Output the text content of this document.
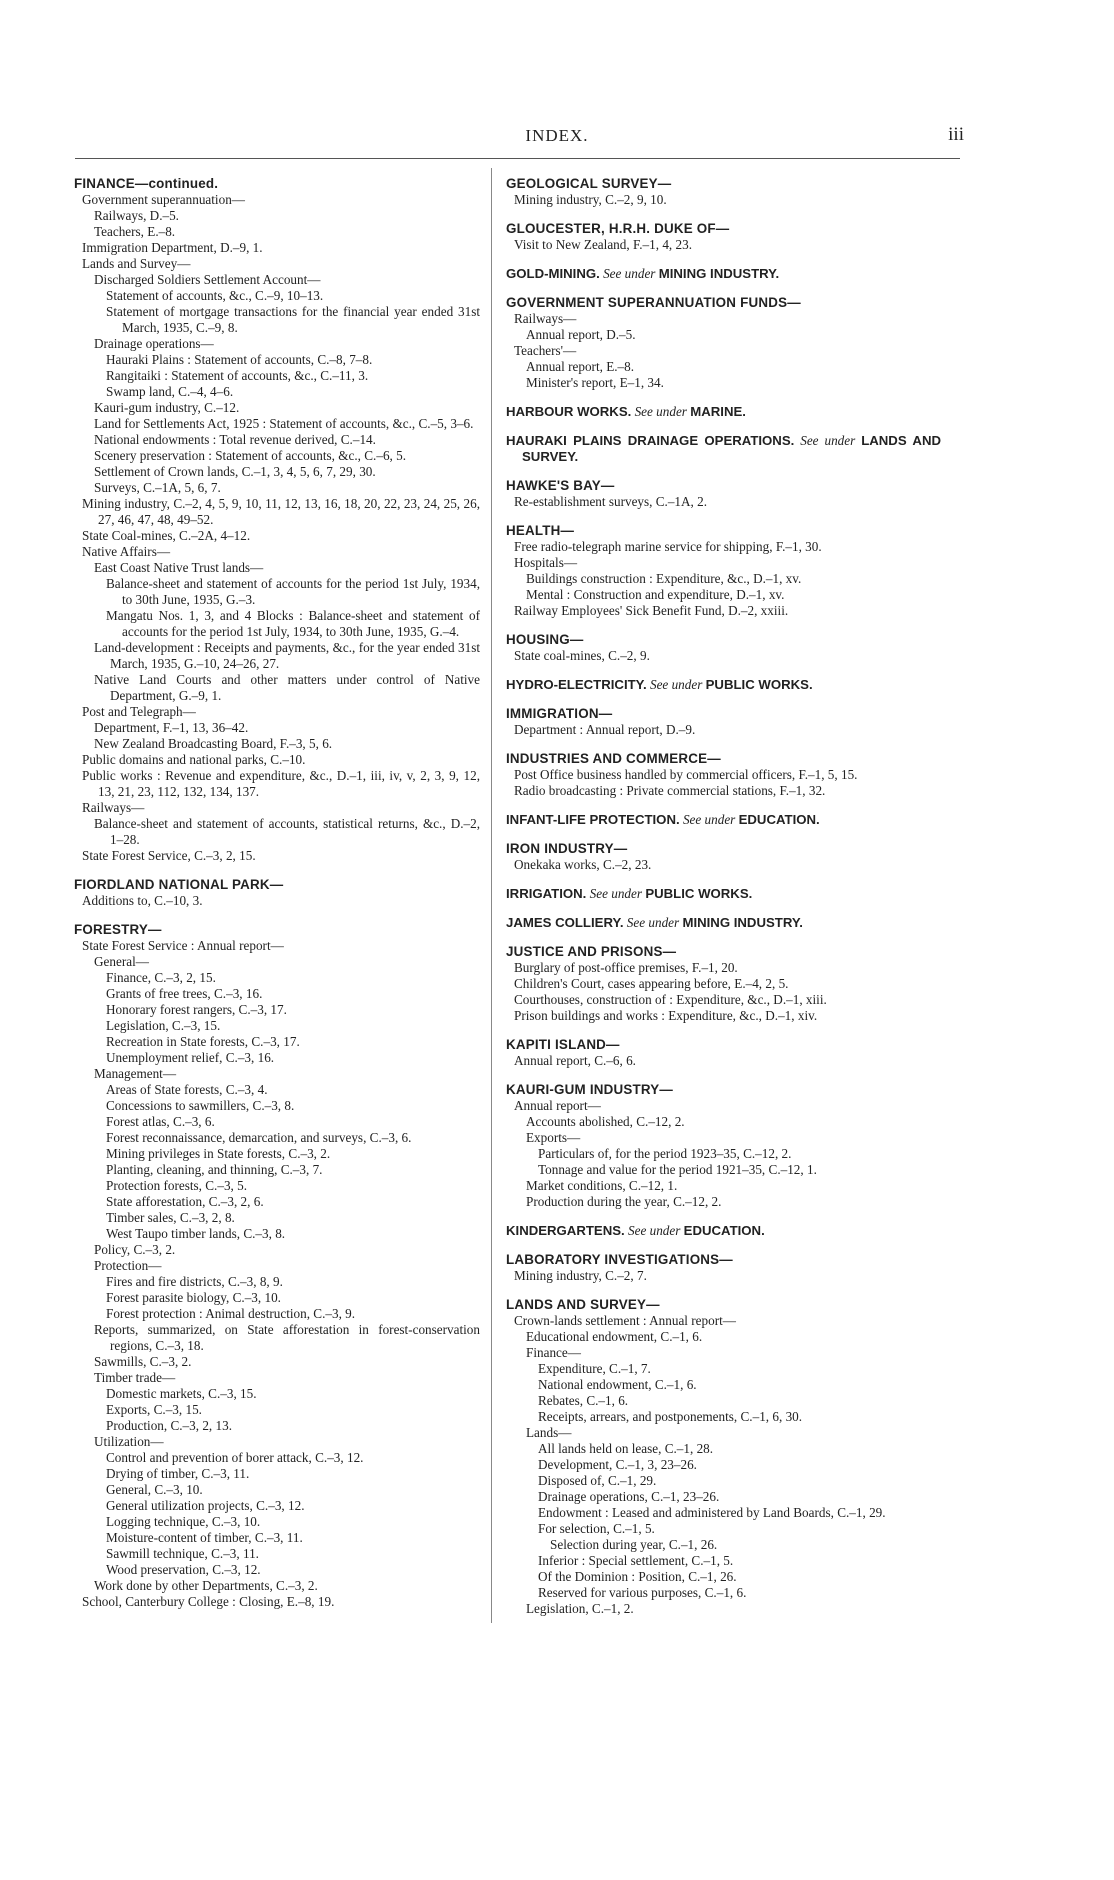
INDEX.	iii
FINANCE—continued.
Government superannuation—
Railways, D.–5.
Teachers, E.–8.
Immigration Department, D.–9, 1.
Lands and Survey—
Discharged Soldiers Settlement Account—
Statement of accounts, &c., C.–9, 10–13.
Statement of mortgage transactions for the financial year ended 31st March, 1935, C.–9, 8.
Drainage operations—
Hauraki Plains : Statement of accounts, C.–8, 7–8.
Rangitaiki : Statement of accounts, &c., C.–11, 3.
Swamp land, C.–4, 4–6.
Kauri-gum industry, C.–12.
Land for Settlements Act, 1925 : Statement of accounts, &c., C.–5, 3–6.
National endowments : Total revenue derived, C.–14.
Scenery preservation : Statement of accounts, &c., C.–6, 5.
Settlement of Crown lands, C.–1, 3, 4, 5, 6, 7, 29, 30.
Surveys, C.–1A, 5, 6, 7.
Mining industry, C.–2, 4, 5, 9, 10, 11, 12, 13, 16, 18, 20, 22, 23, 24, 25, 26, 27, 46, 47, 48, 49–52.
State Coal-mines, C.–2A, 4–12.
Native Affairs—
East Coast Native Trust lands—
Balance-sheet and statement of accounts for the period 1st July, 1934, to 30th June, 1935, G.–3.
Mangatu Nos. 1, 3, and 4 Blocks : Balance-sheet and statement of accounts for the period 1st July, 1934, to 30th June, 1935, G.–4.
Land-development : Receipts and payments, &c., for the year ended 31st March, 1935, G.–10, 24–26, 27.
Native Land Courts and other matters under control of Native Department, G.–9, 1.
Post and Telegraph—
Department, F.–1, 13, 36–42.
New Zealand Broadcasting Board, F.–3, 5, 6.
Public domains and national parks, C.–10.
Public works : Revenue and expenditure, &c., D.–1, iii, iv, v, 2, 3, 9, 12, 13, 21, 23, 112, 132, 134, 137.
Railways—
Balance-sheet and statement of accounts, statistical returns, &c., D.–2, 1–28.
State Forest Service, C.–3, 2, 15.
FIORDLAND NATIONAL PARK—
Additions to, C.–10, 3.
FORESTRY—
State Forest Service : Annual report—
General—
Finance, C.–3, 2, 15.
Grants of free trees, C.–3, 16.
Honorary forest rangers, C.–3, 17.
Legislation, C.–3, 15.
Recreation in State forests, C.–3, 17.
Unemployment relief, C.–3, 16.
Management—
Areas of State forests, C.–3, 4.
Concessions to sawmillers, C.–3, 8.
Forest atlas, C.–3, 6.
Forest reconnaissance, demarcation, and surveys, C.–3, 6.
Mining privileges in State forests, C.–3, 2.
Planting, cleaning, and thinning, C.–3, 7.
Protection forests, C.–3, 5.
State afforestation, C.–3, 2, 6.
Timber sales, C.–3, 2, 8.
West Taupo timber lands, C.–3, 8.
Policy, C.–3, 2.
Protection—
Fires and fire districts, C.–3, 8, 9.
Forest parasite biology, C.–3, 10.
Forest protection : Animal destruction, C.–3, 9.
Reports, summarized, on State afforestation in forest-conservation regions, C.–3, 18.
Sawmills, C.–3, 2.
Timber trade—
Domestic markets, C.–3, 15.
Exports, C.–3, 15.
Production, C.–3, 2, 13.
Utilization—
Control and prevention of borer attack, C.–3, 12.
Drying of timber, C.–3, 11.
General, C.–3, 10.
General utilization projects, C.–3, 12.
Logging technique, C.–3, 10.
Moisture-content of timber, C.–3, 11.
Sawmill technique, C.–3, 11.
Wood preservation, C.–3, 12.
Work done by other Departments, C.–3, 2.
School, Canterbury College : Closing, E.–8, 19.
GEOLOGICAL SURVEY—
Mining industry, C.–2, 9, 10.
GLOUCESTER, H.R.H. DUKE OF—
Visit to New Zealand, F.–1, 4, 23.
GOLD-MINING. See under MINING INDUSTRY.
GOVERNMENT SUPERANNUATION FUNDS—
Railways—
Annual report, D.–5.
Teachers'—
Annual report, E.–8.
Minister's report, E–1, 34.
HARBOUR WORKS. See under MARINE.
HAURAKI PLAINS DRAINAGE OPERATIONS. See under LANDS AND SURVEY.
HAWKE'S BAY—
Re-establishment surveys, C.–1A, 2.
HEALTH—
Free radio-telegraph marine service for shipping, F.–1, 30.
Hospitals—
Buildings construction : Expenditure, &c., D.–1, xv.
Mental : Construction and expenditure, D.–1, xv.
Railway Employees' Sick Benefit Fund, D.–2, xxiii.
HOUSING—
State coal-mines, C.–2, 9.
HYDRO-ELECTRICITY. See under PUBLIC WORKS.
IMMIGRATION—
Department : Annual report, D.–9.
INDUSTRIES AND COMMERCE—
Post Office business handled by commercial officers, F.–1, 5, 15.
Radio broadcasting : Private commercial stations, F.–1, 32.
INFANT-LIFE PROTECTION. See under EDUCATION.
IRON INDUSTRY—
Onekaka works, C.–2, 23.
IRRIGATION. See under PUBLIC WORKS.
JAMES COLLIERY. See under MINING INDUSTRY.
JUSTICE AND PRISONS—
Burglary of post-office premises, F.–1, 20.
Children's Court, cases appearing before, E.–4, 2, 5.
Courthouses, construction of : Expenditure, &c., D.–1, xiii.
Prison buildings and works : Expenditure, &c., D.–1, xiv.
KAPITI ISLAND—
Annual report, C.–6, 6.
KAURI-GUM INDUSTRY—
Annual report—
Accounts abolished, C.–12, 2.
Exports—
Particulars of, for the period 1923–35, C.–12, 2.
Tonnage and value for the period 1921–35, C.–12, 1.
Market conditions, C.–12, 1.
Production during the year, C.–12, 2.
KINDERGARTENS. See under EDUCATION.
LABORATORY INVESTIGATIONS—
Mining industry, C.–2, 7.
LANDS AND SURVEY—
Crown-lands settlement : Annual report—
Educational endowment, C.–1, 6.
Finance—
Expenditure, C.–1, 7.
National endowment, C.–1, 6.
Rebates, C.–1, 6.
Receipts, arrears, and postponements, C.–1, 6, 30.
Lands—
All lands held on lease, C.–1, 28.
Development, C.–1, 3, 23–26.
Disposed of, C.–1, 29.
Drainage operations, C.–1, 23–26.
Endowment : Leased and administered by Land Boards, C.–1, 29.
For selection, C.–1, 5.
Selection during year, C.–1, 26.
Inferior : Special settlement, C.–1, 5.
Of the Dominion : Position, C.–1, 26.
Reserved for various purposes, C.–1, 6.
Legislation, C.–1, 2.
